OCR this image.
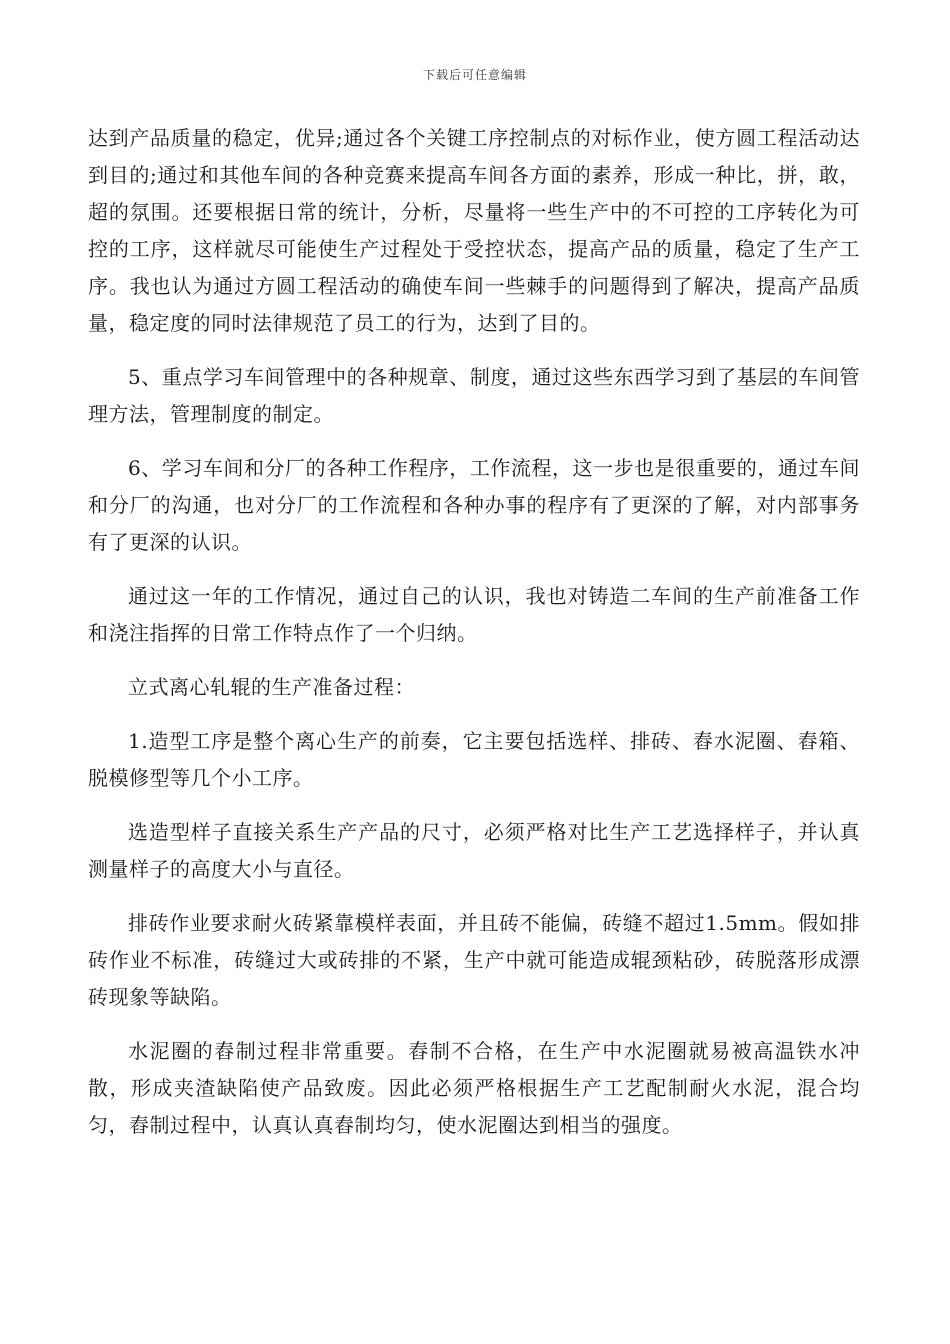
下载后可任意编辑

达到产品质量的稳定，优异;通过各个关键工序控制点的对标作业，使方圆工程活动达到目的;通过和其他车间的各种竞赛来提高车间各方面的素养，形成一种比，拼，敢，超的氛围。还要根据日常的统计，分析，尽量将一些生产中的不可控的工序转化为可控的工序，这样就尽可能使生产过程处于受控状态，提高产品的质量，稳定了生产工序。我也认为通过方圆工程活动的确使车间一些棘手的问题得到了解决，提高产品质量，稳定度的同时法律规范了员工的行为，达到了目的。

5、重点学习车间管理中的各种规章、制度，通过这些东西学习到了基层的车间管理方法，管理制度的制定。

6、学习车间和分厂的各种工作程序，工作流程，这一步也是很重要的，通过车间和分厂的沟通，也对分厂的工作流程和各种办事的程序有了更深的了解，对内部事务有了更深的认识。

通过这一年的工作情况，通过自己的认识，我也对铸造二车间的生产前准备工作和浇注指挥的日常工作特点作了一个归纳。

立式离心轧辊的生产准备过程：

1.造型工序是整个离心生产的前奏，它主要包括选样、排砖、舂水泥圈、舂箱、脱模修型等几个小工序。

选造型样子直接关系生产产品的尺寸，必须严格对比生产工艺选择样子，并认真测量样子的高度大小与直径。

排砖作业要求耐火砖紧靠模样表面，并且砖不能偏，砖缝不超过1.5mm。假如排砖作业不标准，砖缝过大或砖排的不紧，生产中就可能造成辊颈粘砂，砖脱落形成漂砖现象等缺陷。

水泥圈的舂制过程非常重要。舂制不合格，在生产中水泥圈就易被高温铁水冲散，形成夹渣缺陷使产品致废。因此必须严格根据生产工艺配制耐火水泥，混合均匀，舂制过程中，认真认真舂制均匀，使水泥圈达到相当的强度。
